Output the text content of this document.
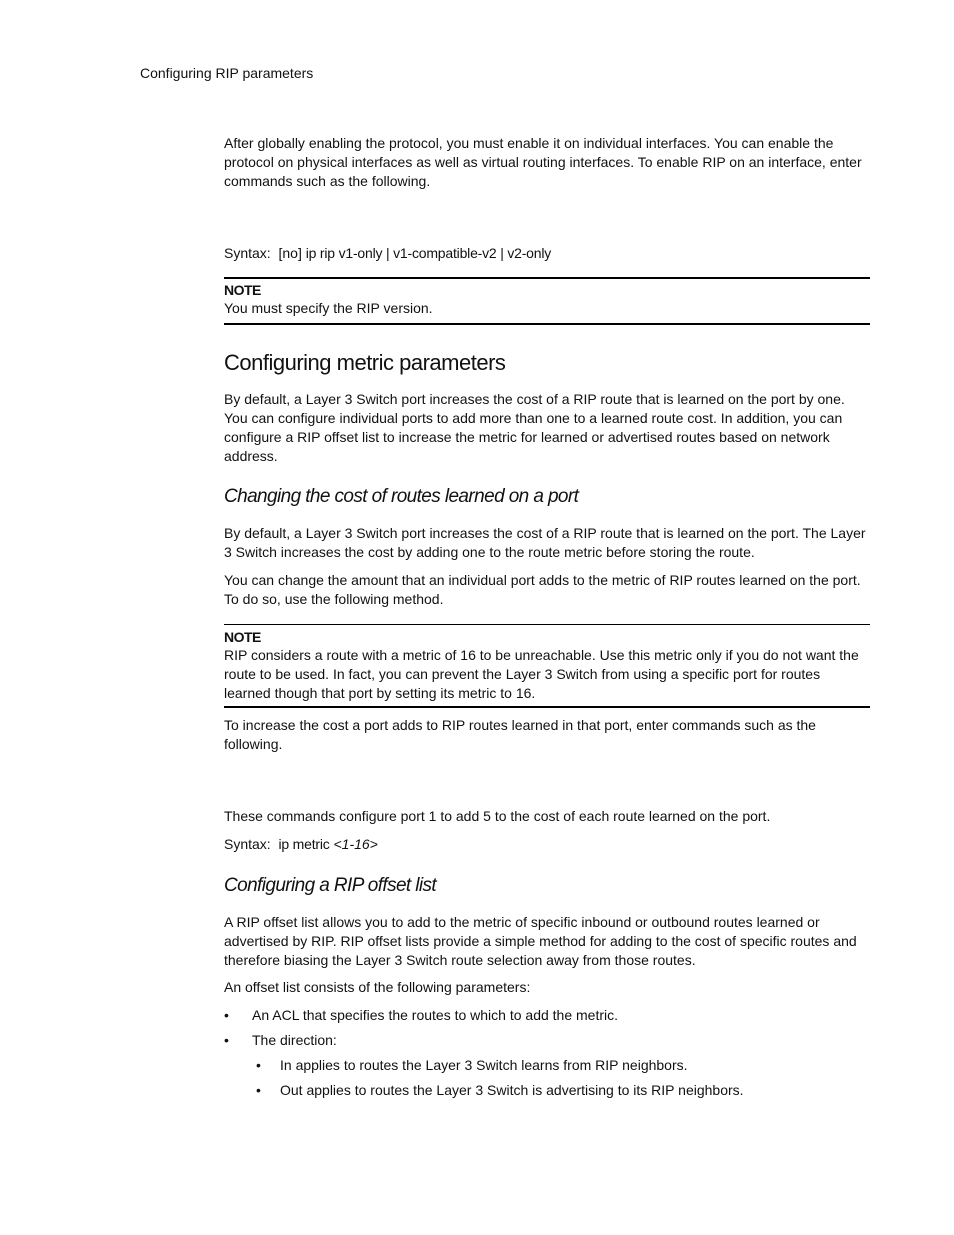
Configuring RIP parameters

After globally enabling the protocol, you must enable it on individual interfaces. You can enable the protocol on physical interfaces as well as virtual routing interfaces. To enable RIP on an interface, enter commands such as the following.

Syntax: [no] ip rip v1-only | v1-compatible-v2 | v2-only

NOTE

You must specify the RIP version.

Configuring metric parameters

By default, a Layer 3 Switch port increases the cost of a RIP route that is learned on the port by one. You can configure individual ports to add more than one to a learned route cost. In addition, you can configure a RIP offset list to increase the metric for learned or advertised routes based on network address.

Changing the cost of routes learned on a port

By default, a Layer 3 Switch port increases the cost of a RIP route that is learned on the port. The Layer 3 Switch increases the cost by adding one to the route metric before storing the route.

You can change the amount that an individual port adds to the metric of RIP routes learned on the port. To do so, use the following method.

NOTE

RIP considers a route with a metric of 16 to be unreachable. Use this metric only if you do not want the route to be used. In fact, you can prevent the Layer 3 Switch from using a specific port for routes learned though that port by setting its metric to 16.

To increase the cost a port adds to RIP routes learned in that port, enter commands such as the following.

These commands configure port 1 to add 5 to the cost of each route learned on the port.

Syntax: ip metric <1-16>

Configuring a RIP offset list

A RIP offset list allows you to add to the metric of specific inbound or outbound routes learned or advertised by RIP. RIP offset lists provide a simple method for adding to the cost of specific routes and therefore biasing the Layer 3 Switch route selection away from those routes.

An offset list consists of the following parameters:

•	An ACL that specifies the routes to which to add the metric.
•	The direction:
•	In applies to routes the Layer 3 Switch learns from RIP neighbors.
•	Out applies to routes the Layer 3 Switch is advertising to its RIP neighbors.
